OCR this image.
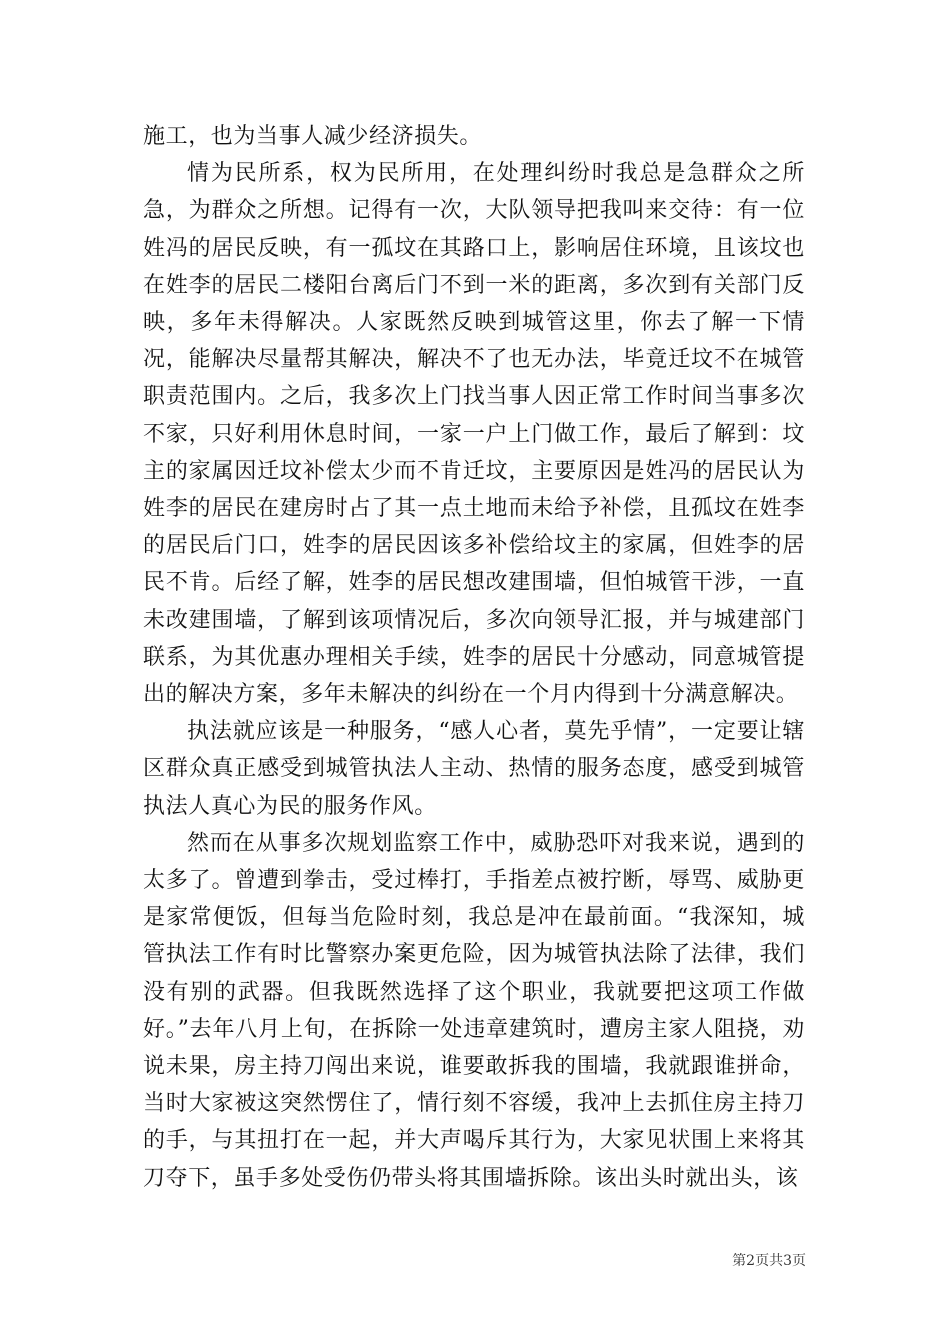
施工，也为当事人减少经济损失。

情为民所系，权为民所用，在处理纠纷时我总是急群众之所急，为群众之所想。记得有一次，大队领导把我叫来交待：有一位姓冯的居民反映，有一孤坟在其路口上，影响居住环境，且该坟也在姓李的居民二楼阳台离后门不到一米的距离，多次到有关部门反映，多年未得解决。人家既然反映到城管这里，你去了解一下情况，能解决尽量帮其解决，解决不了也无办法，毕竟迁坟不在城管职责范围内。之后，我多次上门找当事人因正常工作时间当事多次不家，只好利用休息时间，一家一户上门做工作，最后了解到：坟主的家属因迁坟补偿太少而不肯迁坟，主要原因是姓冯的居民认为姓李的居民在建房时占了其一点土地而未给予补偿，且孤坟在姓李的居民后门口，姓李的居民因该多补偿给坟主的家属，但姓李的居民不肯。后经了解，姓李的居民想改建围墙，但怕城管干涉，一直未改建围墙，了解到该项情况后，多次向领导汇报，并与城建部门联系，为其优惠办理相关手续，姓李的居民十分感动，同意城管提出的解决方案，多年未解决的纠纷在一个月内得到十分满意解决。

执法就应该是一种服务，“感人心者，莫先乎情”，一定要让辖区群众真正感受到城管执法人主动、热情的服务态度，感受到城管执法人真心为民的服务作风。

然而在从事多次规划监察工作中，威胁恐吓对我来说，遇到的太多了。曾遭到拳击，受过棒打，手指差点被拧断，辱骂、威胁更是家常便饭，但每当危险时刻，我总是冲在最前面。“我深知，城管执法工作有时比警察办案更危险，因为城管执法除了法律，我们没有别的武器。但我既然选择了这个职业，我就要把这项工作做好。”去年八月上旬，在拆除一处违章建筑时，遭房主家人阻挠，劝说未果，房主持刀闯出来说，谁要敢拆我的围墙，我就跟谁拼命，当时大家被这突然愣住了，情行刻不容缓，我冲上去抓住房主持刀的手，与其扭打在一起，并大声喝斥其行为，大家见状围上来将其刀夺下，虽手多处受伤仍带头将其围墙拆除。该出头时就出头，该

第2页共3页
